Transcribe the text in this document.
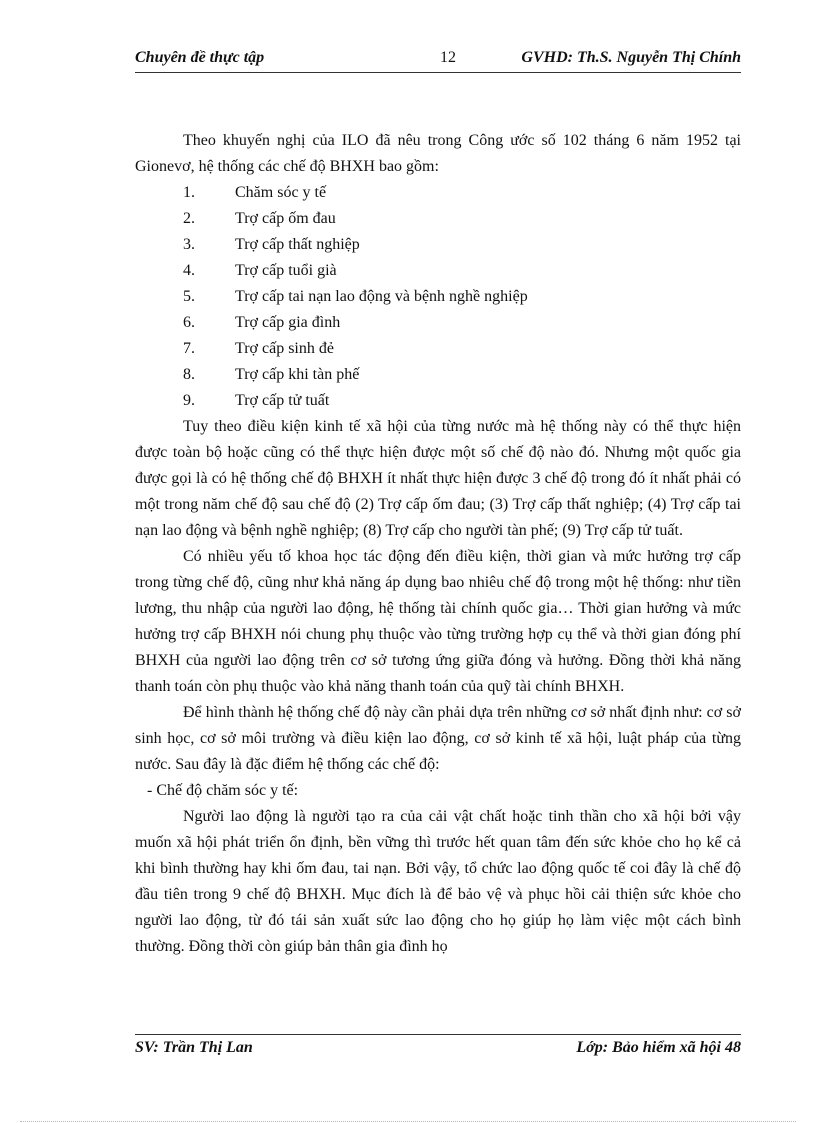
Chuyên đề thực tập	12	GVHD: Th.S. Nguyễn Thị Chính

Theo khuyến nghị của ILO đã nêu trong Công ước số 102 tháng 6 năm 1952 tại Gionevơ, hệ thống các chế độ BHXH bao gồm:

1.	Chăm sóc y tế
2.	Trợ cấp ốm đau
3.	Trợ cấp thất nghiệp
4.	Trợ cấp tuổi già
5.	Trợ cấp tai nạn lao động và bệnh nghề nghiệp
6.	Trợ cấp gia đình
7.	Trợ cấp sinh đẻ
8.	Trợ cấp khi tàn phế
9.	Trợ cấp tử tuất

Tuy theo điều kiện kinh tế xã hội của từng nước mà hệ thống này có thể thực hiện được toàn bộ hoặc cũng có thể thực hiện được một số chế độ nào đó. Nhưng một quốc gia được gọi là có hệ thống chế độ BHXH ít nhất thực hiện được 3 chế độ trong đó ít nhất phải có một trong năm chế độ sau chế độ (2) Trợ cấp ốm đau; (3) Trợ cấp thất nghiệp; (4) Trợ cấp tai nạn lao động và bệnh nghề nghiệp; (8) Trợ cấp cho người tàn phế; (9) Trợ cấp tử tuất.

Có nhiều yếu tố khoa học tác động đến điều kiện, thời gian và mức hưởng trợ cấp trong từng chế độ, cũng như khả năng áp dụng bao nhiêu chế độ trong một hệ thống: như tiền lương, thu nhập của người lao động, hệ thống tài chính quốc gia… Thời gian hưởng và mức hưởng trợ cấp BHXH nói chung phụ thuộc vào từng trường hợp cụ thể và thời gian đóng phí BHXH của người lao động trên cơ sở tương ứng giữa đóng và hưởng. Đồng thời khả năng thanh toán còn phụ thuộc vào khả năng thanh toán của quỹ tài chính BHXH.

Để hình thành hệ thống chế độ này cần phải dựa trên những cơ sở nhất định như: cơ sở sinh học, cơ sở môi trường và điều kiện lao động, cơ sở kinh tế xã hội, luật pháp của từng nước. Sau đây là đặc điểm hệ thống các chế độ:

- Chế độ chăm sóc y tế:

Người lao động là người tạo ra của cải vật chất hoặc tinh thần cho xã hội bởi vậy muốn xã hội phát triển ổn định, bền vững thì trước hết quan tâm đến sức khỏe cho họ kể cả khi bình thường hay khi ốm đau, tai nạn. Bởi vậy, tổ chức lao động quốc tế coi đây là chế độ đầu tiên trong 9 chế độ BHXH. Mục đích là để bảo vệ và phục hồi cải thiện sức khỏe cho người lao động, từ đó tái sản xuất sức lao động cho họ giúp họ làm việc một cách bình thường. Đồng thời còn giúp bản thân gia đình họ

SV: Trần Thị Lan	Lớp: Bảo hiểm xã hội 48
